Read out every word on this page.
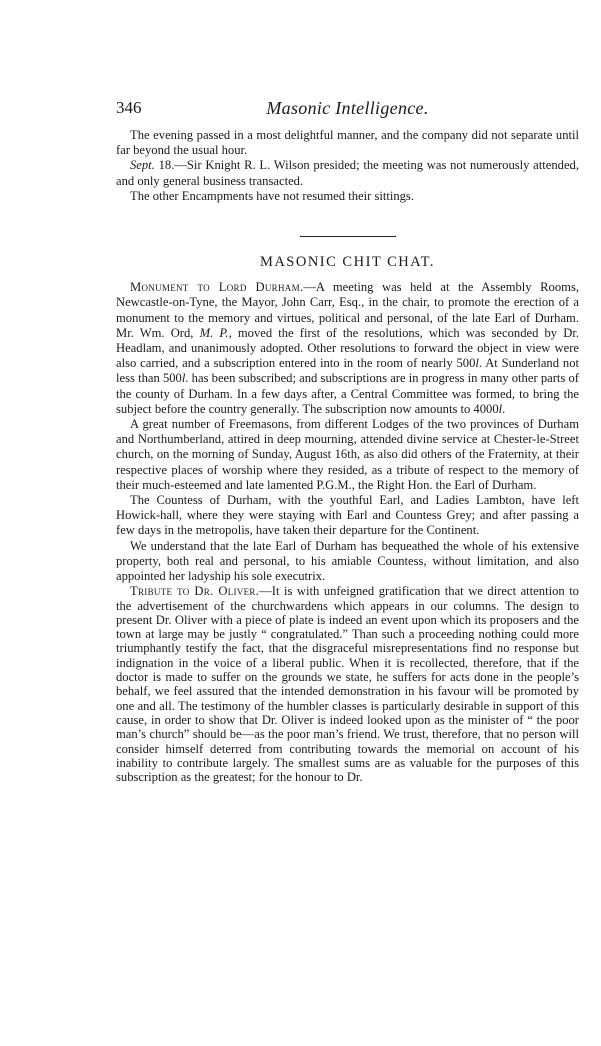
346	Masonic Intelligence.

The evening passed in a most delightful manner, and the company did not separate until far beyond the usual hour.

Sept. 18.—Sir Knight R. L. Wilson presided; the meeting was not numerously attended, and only general business transacted.

The other Encampments have not resumed their sittings.

MASONIC CHIT CHAT.

Monument to Lord Durham.—A meeting was held at the Assembly Rooms, Newcastle-on-Tyne, the Mayor, John Carr, Esq., in the chair, to promote the erection of a monument to the memory and virtues, political and personal, of the late Earl of Durham. Mr. Wm. Ord, M. P., moved the first of the resolutions, which was seconded by Dr. Headlam, and unanimously adopted. Other resolutions to forward the object in view were also carried, and a subscription entered into in the room of nearly 500l. At Sunderland not less than 500l. has been subscribed; and subscriptions are in progress in many other parts of the county of Durham. In a few days after, a Central Committee was formed, to bring the subject before the country generally. The subscription now amounts to 4000l.

A great number of Freemasons, from different Lodges of the two provinces of Durham and Northumberland, attired in deep mourning, attended divine service at Chester-le-Street church, on the morning of Sunday, August 16th, as also did others of the Fraternity, at their respective places of worship where they resided, as a tribute of respect to the memory of their much-esteemed and late lamented P.G.M., the Right Hon. the Earl of Durham.

The Countess of Durham, with the youthful Earl, and Ladies Lambton, have left Howick-hall, where they were staying with Earl and Countess Grey; and after passing a few days in the metropolis, have taken their departure for the Continent.

We understand that the late Earl of Durham has bequeathed the whole of his extensive property, both real and personal, to his amiable Countess, without limitation, and also appointed her ladyship his sole executrix.

Tribute to Dr. Oliver.—It is with unfeigned gratification that we direct attention to the advertisement of the churchwardens which appears in our columns. The design to present Dr. Oliver with a piece of plate is indeed an event upon which its proposers and the town at large may be justly “ congratulated.” Than such a proceeding nothing could more triumphantly testify the fact, that the disgraceful misrepresentations find no response but indignation in the voice of a liberal public. When it is recollected, therefore, that if the doctor is made to suffer on the grounds we state, he suffers for acts done in the people’s behalf, we feel assured that the intended demonstration in his favour will be promoted by one and all. The testimony of the humbler classes is particularly desirable in support of this cause, in order to show that Dr. Oliver is indeed looked upon as the minister of “ the poor man’s church” should be—as the poor man’s friend. We trust, therefore, that no person will consider himself deterred from contributing towards the memorial on account of his inability to contribute largely. The smallest sums are as valuable for the purposes of this subscription as the greatest; for the honour to Dr.
